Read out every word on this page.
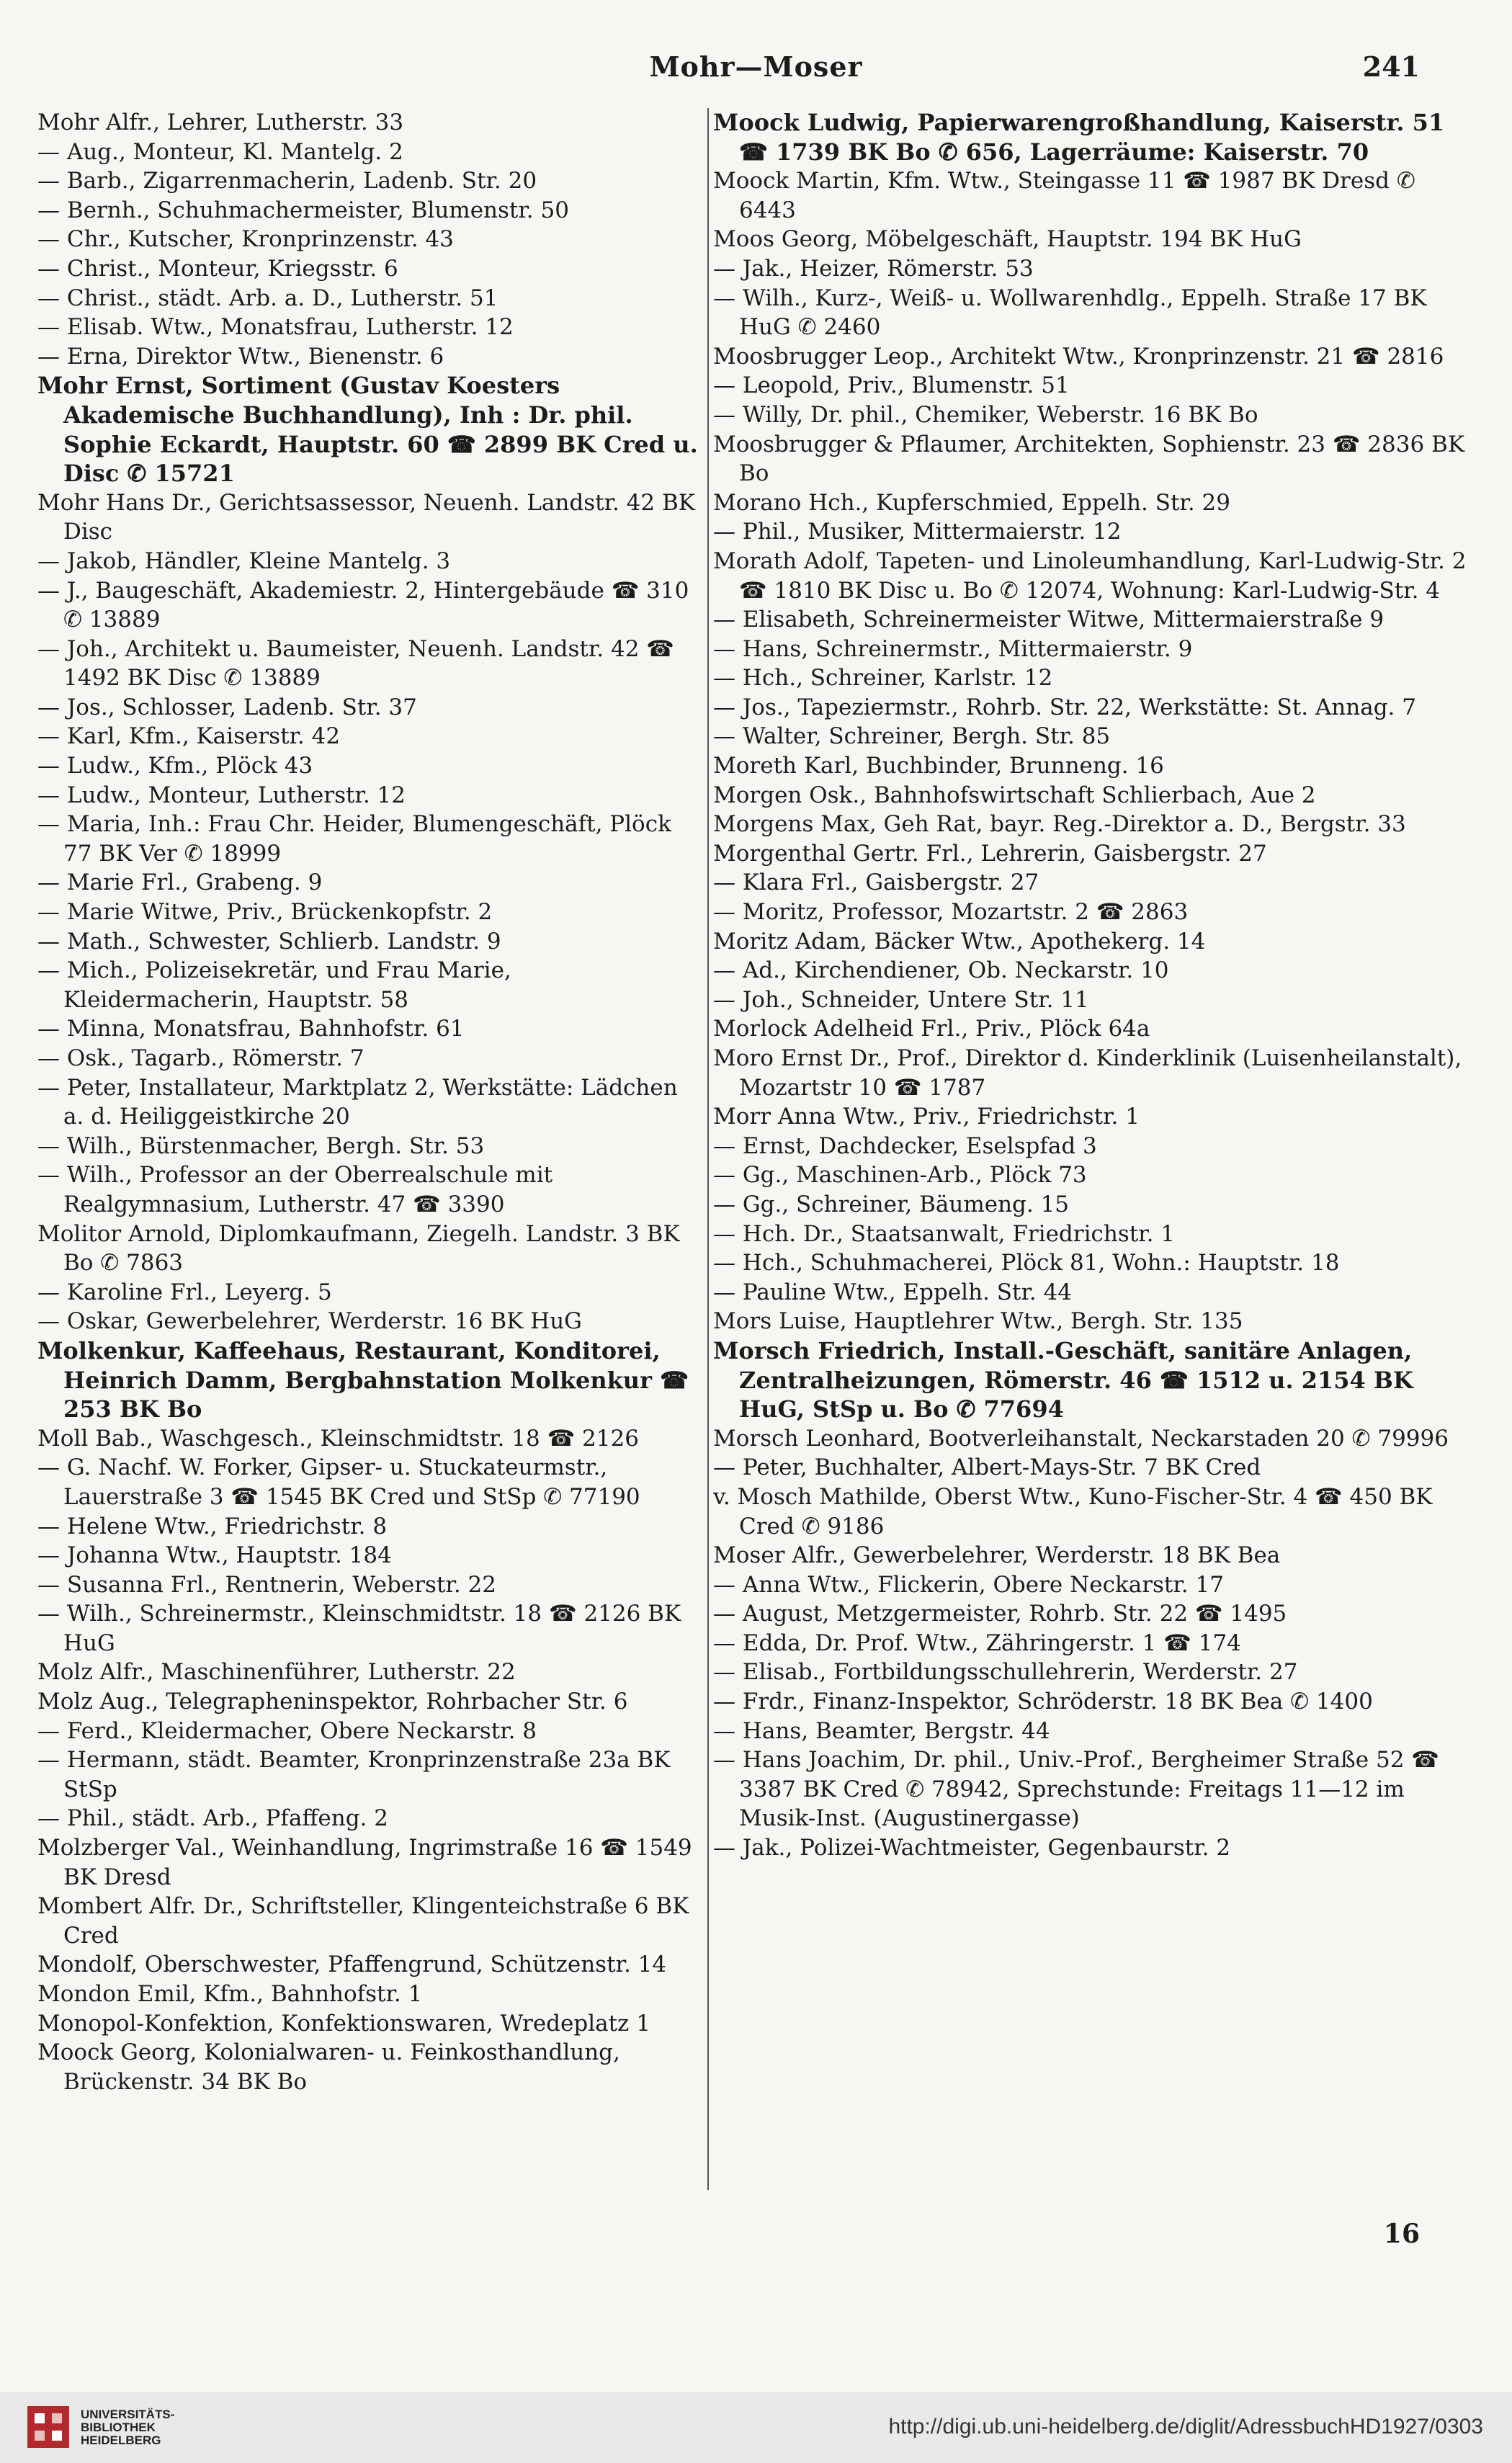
Mohr—Moser	241

Mohr Alfr., Lehrer, Lutherstr. 33

— Aug., Monteur, Kl. Mantelg. 2

— Barb., Zigarrenmacherin, Ladenb. Str. 20

— Bernh., Schuhmachermeister, Blumenstr. 50

— Chr., Kutscher, Kronprinzenstr. 43

— Christ., Monteur, Kriegsstr. 6

— Christ., städt. Arb. a. D., Lutherstr. 51

— Elisab. Wtw., Monatsfrau, Lutherstr. 12

— Erna, Direktor Wtw., Bienenstr. 6

Mohr Ernst, Sortiment (Gustav Koesters Akademische Buchhandlung), Inh : Dr. phil. Sophie Eckardt, Hauptstr. 60 ☎ 2899 BK Cred u. Disc ✆ 15721

Mohr Hans Dr., Gerichtsassessor, Neuenh. Landstr. 42 BK Disc

— Jakob, Händler, Kleine Mantelg. 3

— J., Baugeschäft, Akademiestr. 2, Hintergebäude ☎ 310 ✆ 13889

— Joh., Architekt u. Baumeister, Neuenh. Landstr. 42 ☎ 1492 BK Disc ✆ 13889

— Jos., Schlosser, Ladenb. Str. 37

— Karl, Kfm., Kaiserstr. 42

— Ludw., Kfm., Plöck 43

— Ludw., Monteur, Lutherstr. 12

— Maria, Inh.: Frau Chr. Heider, Blumengeschäft, Plöck 77 BK Ver ✆ 18999

— Marie Frl., Grabeng. 9

— Marie Witwe, Priv., Brückenkopfstr. 2

— Math., Schwester, Schlierb. Landstr. 9

— Mich., Polizeisekretär, und Frau Marie, Kleidermacherin, Hauptstr. 58

— Minna, Monatsfrau, Bahnhofstr. 61

— Osk., Tagarb., Römerstr. 7

— Peter, Installateur, Marktplatz 2, Werkstätte: Lädchen a. d. Heiliggeistkirche 20

— Wilh., Bürstenmacher, Bergh. Str. 53

— Wilh., Professor an der Oberrealschule mit Realgymnasium, Lutherstr. 47 ☎ 3390

Molitor Arnold, Diplomkaufmann, Ziegelh. Landstr. 3 BK Bo ✆ 7863

— Karoline Frl., Leyerg. 5

— Oskar, Gewerbelehrer, Werderstr. 16 BK HuG

Molkenkur, Kaffeehaus, Restaurant, Konditorei, Heinrich Damm, Bergbahnstation Molkenkur ☎ 253 BK Bo

Moll Bab., Waschgesch., Kleinschmidtstr. 18 ☎ 2126

— G. Nachf. W. Forker, Gipser- u. Stuckateurmstr., Lauerstraße 3 ☎ 1545 BK Cred und StSp ✆ 77190

— Helene Wtw., Friedrichstr. 8

— Johanna Wtw., Hauptstr. 184

— Susanna Frl., Rentnerin, Weberstr. 22

— Wilh., Schreinermstr., Kleinschmidtstr. 18 ☎ 2126 BK HuG

Molz Alfr., Maschinenführer, Lutherstr. 22

Molz Aug., Telegrapheninspektor, Rohrbacher Str. 6

— Ferd., Kleidermacher, Obere Neckarstr. 8

— Hermann, städt. Beamter, Kronprinzenstraße 23a BK StSp

— Phil., städt. Arb., Pfaffeng. 2

Molzberger Val., Weinhandlung, Ingrimstraße 16 ☎ 1549 BK Dresd

Mombert Alfr. Dr., Schriftsteller, Klingenteichstraße 6 BK Cred

Mondolf, Oberschwester, Pfaffengrund, Schützenstr. 14

Mondon Emil, Kfm., Bahnhofstr. 1

Monopol-Konfektion, Konfektionswaren, Wredeplatz 1

Moock Georg, Kolonialwaren- u. Feinkosthandlung, Brückenstr. 34 BK Bo

Moock Ludwig, Papierwarengroßhandlung, Kaiserstr. 51 ☎ 1739 BK Bo ✆ 656, Lagerräume: Kaiserstr. 70

Moock Martin, Kfm. Wtw., Steingasse 11 ☎ 1987 BK Dresd ✆ 6443

Moos Georg, Möbelgeschäft, Hauptstr. 194 BK HuG

— Jak., Heizer, Römerstr. 53

— Wilh., Kurz-, Weiß- u. Wollwarenhdlg., Eppelh. Straße 17 BK HuG ✆ 2460

Moosbrugger Leop., Architekt Wtw., Kronprinzenstr. 21 ☎ 2816

— Leopold, Priv., Blumenstr. 51

— Willy, Dr. phil., Chemiker, Weberstr. 16 BK Bo

Moosbrugger & Pflaumer, Architekten, Sophienstr. 23 ☎ 2836 BK Bo

Morano Hch., Kupferschmied, Eppelh. Str. 29

— Phil., Musiker, Mittermaierstr. 12

Morath Adolf, Tapeten- und Linoleumhandlung, Karl-Ludwig-Str. 2 ☎ 1810 BK Disc u. Bo ✆ 12074, Wohnung: Karl-Ludwig-Str. 4

— Elisabeth, Schreinermeister Witwe, Mittermaierstraße 9

— Hans, Schreinermstr., Mittermaierstr. 9

— Hch., Schreiner, Karlstr. 12

— Jos., Tapeziermstr., Rohrb. Str. 22, Werkstätte: St. Annag. 7

— Walter, Schreiner, Bergh. Str. 85

Moreth Karl, Buchbinder, Brunneng. 16

Morgen Osk., Bahnhofswirtschaft Schlierbach, Aue 2

Morgens Max, Geh Rat, bayr. Reg.-Direktor a. D., Bergstr. 33

Morgenthal Gertr. Frl., Lehrerin, Gaisbergstr. 27

— Klara Frl., Gaisbergstr. 27

— Moritz, Professor, Mozartstr. 2 ☎ 2863

Moritz Adam, Bäcker Wtw., Apothekerg. 14

— Ad., Kirchendiener, Ob. Neckarstr. 10

— Joh., Schneider, Untere Str. 11

Morlock Adelheid Frl., Priv., Plöck 64a

Moro Ernst Dr., Prof., Direktor d. Kinderklinik (Luisenheilanstalt), Mozartstr 10 ☎ 1787

Morr Anna Wtw., Priv., Friedrichstr. 1

— Ernst, Dachdecker, Eselspfad 3

— Gg., Maschinen-Arb., Plöck 73

— Gg., Schreiner, Bäumeng. 15

— Hch. Dr., Staatsanwalt, Friedrichstr. 1

— Hch., Schuhmacherei, Plöck 81, Wohn.: Hauptstr. 18

— Pauline Wtw., Eppelh. Str. 44

Mors Luise, Hauptlehrer Wtw., Bergh. Str. 135

Morsch Friedrich, Install.-Geschäft, sanitäre Anlagen, Zentralheizungen, Römerstr. 46 ☎ 1512 u. 2154 BK HuG, StSp u. Bo ✆ 77694

Morsch Leonhard, Bootverleihanstalt, Neckarstaden 20 ✆ 79996

— Peter, Buchhalter, Albert-Mays-Str. 7 BK Cred

v. Mosch Mathilde, Oberst Wtw., Kuno-Fischer-Str. 4 ☎ 450 BK Cred ✆ 9186

Moser Alfr., Gewerbelehrer, Werderstr. 18 BK Bea

— Anna Wtw., Flickerin, Obere Neckarstr. 17

— August, Metzgermeister, Rohrb. Str. 22 ☎ 1495

— Edda, Dr. Prof. Wtw., Zähringerstr. 1 ☎ 174

— Elisab., Fortbildungsschullehrerin, Werderstr. 27

— Frdr., Finanz-Inspektor, Schröderstr. 18 BK Bea ✆ 1400

— Hans, Beamter, Bergstr. 44

— Hans Joachim, Dr. phil., Univ.-Prof., Bergheimer Straße 52 ☎ 3387 BK Cred ✆ 78942, Sprechstunde: Freitags 11—12 im Musik-Inst. (Augustinergasse)

— Jak., Polizei-Wachtmeister, Gegenbaurstr. 2

16
UNIVERSITÄTS-
BIBLIOTHEK
HEIDELBERG
http://digi.ub.uni-heidelberg.de/diglit/AdressbuchHD1927/0303
